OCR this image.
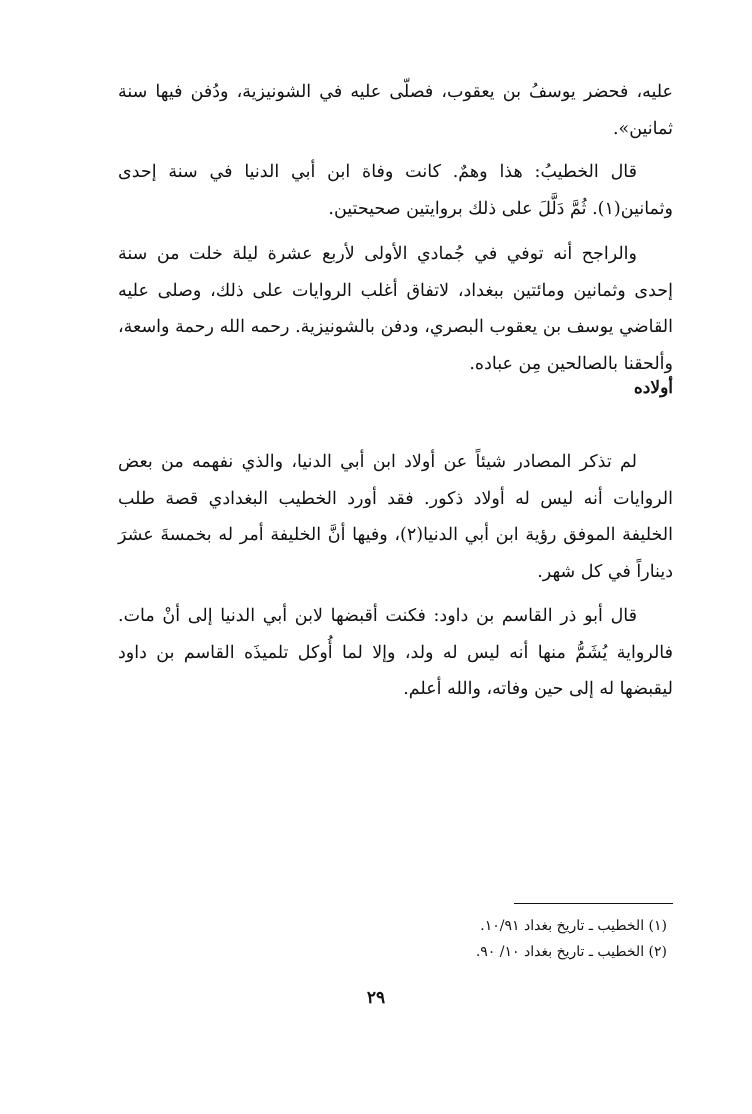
عليه، فحضر يوسفُ بن يعقوب، فصلّى عليه في الشونيزية، ودُفن فيها سنة ثمانين».

قال الخطيبُ: هذا وهمٌ. كانت وفاة ابن أبي الدنيا في سنة إحدى وثمانين(١). ثُمَّ دَلَّلَ على ذلك بروايتين صحيحتين.

والراجح أنه توفي في جُمادي الأولى لأربع عشرة ليلة خلت من سنة إحدى وثمانين ومائتين ببغداد، لاتفاق أغلب الروايات على ذلك، وصلى عليه القاضي يوسف بن يعقوب البصري، ودفن بالشونيزية. رحمه الله رحمة واسعة، وألحقنا بالصالحين مِن عباده.

أولاده

لم تذكر المصادر شيئاً عن أولاد ابن أبي الدنيا، والذي نفهمه من بعض الروايات أنه ليس له أولاد ذكور. فقد أورد الخطيب البغدادي قصة طلب الخليفة الموفق رؤية ابن أبي الدنيا(٢)، وفيها أنَّ الخليفة أمر له بخمسةَ عشرَ ديناراً في كل شهر.

قال أبو ذر القاسم بن داود: فكنت أقبضها لابن أبي الدنيا إلى أنْ مات. فالرواية يُشَمُّ منها أنه ليس له ولد، وإلا لما أُوكل تلميذَه القاسم بن داود ليقبضها له إلى حين وفاته، والله أعلم.

(١) الخطيب ـ تاريخ بغداد ١٠/٩١.
(٢) الخطيب ـ تاريخ بغداد ١٠/ ٩٠.
٢٩
